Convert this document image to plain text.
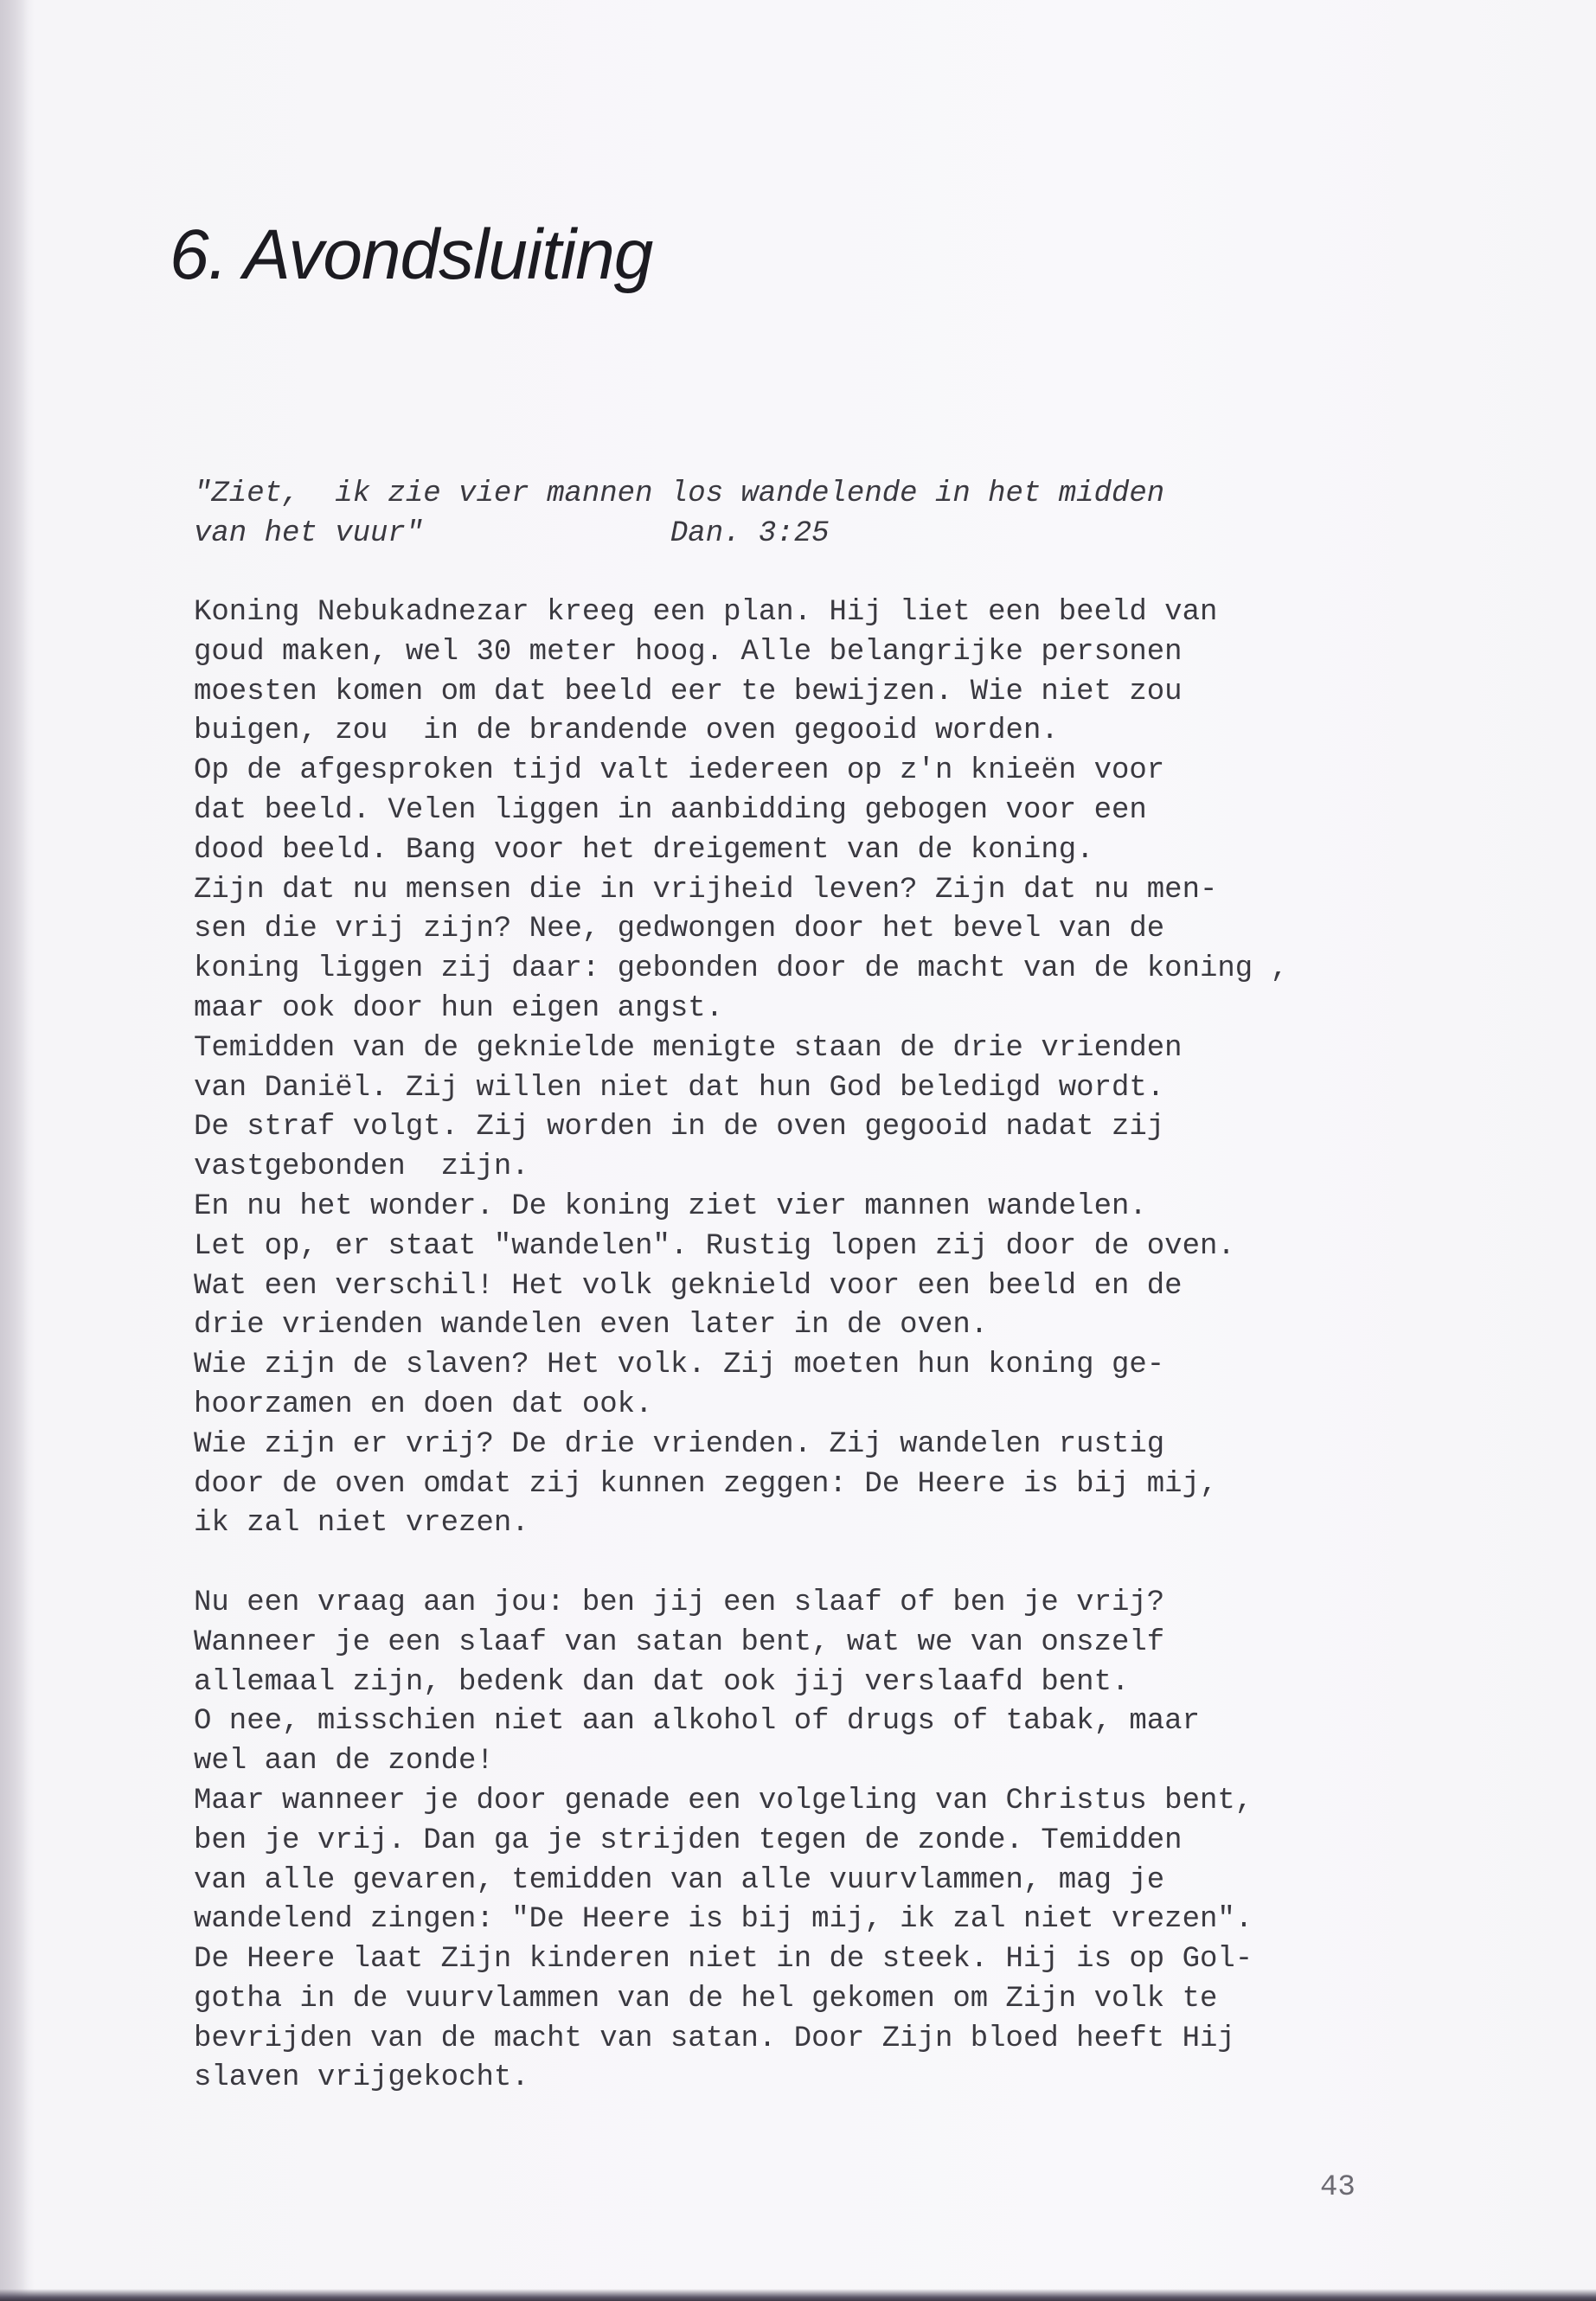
6. Avondsluiting
"Ziet,  ik zie vier mannen los wandelende in het midden
van het vuur"              Dan. 3:25
Koning Nebukadnezar kreeg een plan. Hij liet een beeld van
goud maken, wel 30 meter hoog. Alle belangrijke personen
moesten komen om dat beeld eer te bewijzen. Wie niet zou
buigen, zou  in de brandende oven gegooid worden.
Op de afgesproken tijd valt iedereen op z'n knieën voor
dat beeld. Velen liggen in aanbidding gebogen voor een
dood beeld. Bang voor het dreigement van de koning.
Zijn dat nu mensen die in vrijheid leven? Zijn dat nu men-
sen die vrij zijn? Nee, gedwongen door het bevel van de
koning liggen zij daar: gebonden door de macht van de koning ,
maar ook door hun eigen angst.
Temidden van de geknielde menigte staan de drie vrienden
van Daniël. Zij willen niet dat hun God beledigd wordt.
De straf volgt. Zij worden in de oven gegooid nadat zij
vastgebonden  zijn.
En nu het wonder. De koning ziet vier mannen wandelen.
Let op, er staat "wandelen". Rustig lopen zij door de oven.
Wat een verschil! Het volk geknield voor een beeld en de
drie vrienden wandelen even later in de oven.
Wie zijn de slaven? Het volk. Zij moeten hun koning ge-
hoorzamen en doen dat ook.
Wie zijn er vrij? De drie vrienden. Zij wandelen rustig
door de oven omdat zij kunnen zeggen: De Heere is bij mij,
ik zal niet vrezen.

Nu een vraag aan jou: ben jij een slaaf of ben je vrij?
Wanneer je een slaaf van satan bent, wat we van onszelf
allemaal zijn, bedenk dan dat ook jij verslaafd bent.
O nee, misschien niet aan alkohol of drugs of tabak, maar
wel aan de zonde!
Maar wanneer je door genade een volgeling van Christus bent,
ben je vrij. Dan ga je strijden tegen de zonde. Temidden
van alle gevaren, temidden van alle vuurvlammen, mag je
wandelend zingen: "De Heere is bij mij, ik zal niet vrezen".
De Heere laat Zijn kinderen niet in de steek. Hij is op Gol-
gotha in de vuurvlammen van de hel gekomen om Zijn volk te
bevrijden van de macht van satan. Door Zijn bloed heeft Hij
slaven vrijgekocht.
43
